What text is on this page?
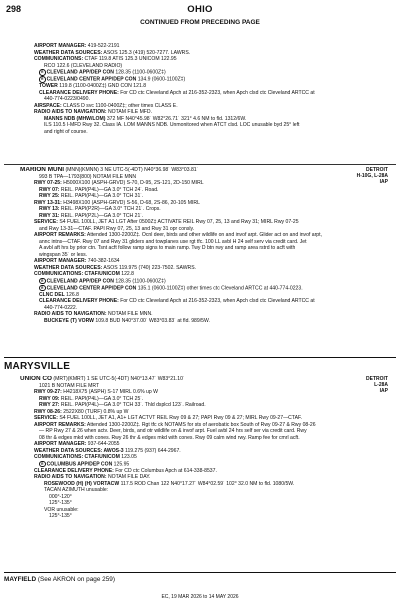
298	OHIO
CONTINUED FROM PRECEDING PAGE
AIRPORT MANAGER: 419-522-2191
WEATHER DATA SOURCES: ASOS 125.3 (419) 520-7277. LAWRS.
COMMUNICATIONS: CTAF 119.8 ATIS 125.3 UNICOM 122.95
RCO 122.6 (CLEVELAND RADIO)
R CLEVELAND APP/DEP CON 128.35 (1100-0600Z‡)
R CLEVELAND CENTER APP/DEP CON 134.9 (0600-1100Z‡)
TOWER 119.8 (1100-0400Z‡) GND CON 121.8
CLEARANCE DELIVERY PHONE: For CD ctc Cleveland Apch at 216-352-2323, when Apch clsd ctc Cleveland ARTCC at
440-774-0223/0490.
AIRSPACE: CLASS D svc 1100-0400Z‡; other times CLASS E.
RADIO AIDS TO NAVIGATION: NOTAM FILE MFD.
MANNS NDB (MHW/LOM) 372 MF N40°45.98´ W82°26.71´ 321° 4.6 NM to fld. 1312/6W.
ILS 110.5 I-MFD Rwy 32. Class IA. LOM MANNS NDB. Unmonitored when ATCT clsd. LOC unusable byd 25° left
and right of course.
MARION MUNI (MNN)(KMNN) 3 NE UTC-5(-4DT) N40°36.98´ W83°03.81´	DETROIT
H-10G, L-28A
IAP
993 B TPA—1793(800) NOTAM FILE MNN
RWY 07-25: H5000X100 (ASPH-GRVD) S-70, D-95, 2S-121, 2D-150 MIRL
RWY 07: REIL. PAPI(P4L)—GA 3.0° TCH 24´. Road.
RWY 25: REIL. PAPI(P4L)—GA 3.0° TCH 31´.
RWY 13-31: H3498X100 (ASPH-GRVD) S-56, D-68, 2S-86, 20-105 MIRL
RWY 13: REIL. PAPI(P2R)—GA 3.0° TCH 21´. Crops.
RWY 31: REIL. PAPI(P2L)—GA 3.0° TCH 21´.
SERVICE: S4 FUEL 100LL, JET A1 LGT After 0500Z‡ ACTIVATE REIL Rwy 07, 25, 13 and Rwy 31; MIRL Rwy 07-25
and Rwy 13-31—CTAF. PAPI Rwy 07, 25, 13 and Rwy 31 opr consly.
AIRPORT REMARKS: Attended 1300-2200Z‡. Ocnl deer, birds and other wildlife on and invof arpt. Glider act on and invof arpt,
annc intns—CTAF. Rwy 07 and Rwy 31 gliders and towplanes use rgt tfc. 100 LL avbl H 24 self serv via credit card. Jet
A avbl aft hrs by prior ctn. Tsnt acft follow ramp signs to main ramp. Twy D btn rwy and ramp area rstrd to acft with
wingspan 35´ or less.
AIRPORT MANAGER: 740-382-1634
WEATHER DATA SOURCES: ASOS 119.975 (740) 223-7502. SAWRS.
COMMUNICATIONS: CTAF/UNICOM 122.8
R CLEVELAND APP/DEP CON 128.35 (1100-0600Z‡)
R CLEVELAND CENTER APP/DEP CON 135.1 (0600-1100Z‡) other times ctc Cleveland ARTCC at 440-774-0223.
CLNC DEL 126.8
CLEARANCE DELIVERY PHONE: For CD ctc Cleveland Apch at 216-352-2323, when Apch clsd ctc Cleveland ARTCC at
440-774-0222.
RADIO AIDS TO NAVIGATION: NOTAM FILE MNN.
BUCKEYE (T) VORW 109.8 BUD N40°37.00´ W83°03.83´ at fld. 989/5W.
MARYSVILLE
UNION CO (MRT)(KMRT) 1 SE UTC-5(-4DT) N40°13.47´ W83°21.10´	DETROIT
L-28A
IAP
1021 B NOTAM FILE MRT
RWY 09-27: H4218X75 (ASPH) S-17 MIRL 0.6% up W
RWY 09: REIL. PAPI(P4L)—GA 3.0° TCH 25´.
RWY 27: REIL. PAPI(P4L)—GA 3.0° TCH 33´. Thld dsplcd 123´. Railroad.
RWY 08-26: 2522X80 (TURF) 0.8% up W
SERVICE: S4 FUEL 100LL, JET A1, A1+ LGT ACTVT REIL Rwy 09 & 27; PAPI Rwy 09 & 27; MIRL Rwy 09-27—CTAF.
AIRPORT REMARKS: Attended 1300-2200Z‡. Rgt tfc ck NOTAMS for sts of aerobatic box South of Rwy 09-27 & Rwy 08-26
— RP Rwy 27 & 26 when actv. Deer, birds, and otr wildlife on & invof arpt. Fuel avbl 24 hrs self ser via credit card. Rwy
08 thr & edges mkd with cones. Rwy 26 thr & edges mkd with cones. Rwy 09 calm wind rwy. Ramp fee for cmrl acft.
AIRPORT MANAGER: 937-644-2055
WEATHER DATA SOURCES: AWOS-3 119.275 (937) 644-2967.
COMMUNICATIONS: CTAF/UNICOM 123.05
R COLUMBUS APP/DEP CON 125.95
CLEARANCE DELIVERY PHONE: For CD ctc Columbus Apch at 614-338-8537.
RADIO AIDS TO NAVIGATION: NOTAM FILE DAY.
ROSEWOOD (H) (H) VORTACW 117.5 ROD Chan 122 N40°17.27´ W84°02.59´ 102° 32.0 NM to fld. 1080/5W.
TACAN AZIMUTH unusable:
000°-120°
125°-135°
VOR unusable:
125°-135°
MAYFIELD (See AKRON on page 259)
EC, 19 MAR 2026 to 14 MAY 2026
